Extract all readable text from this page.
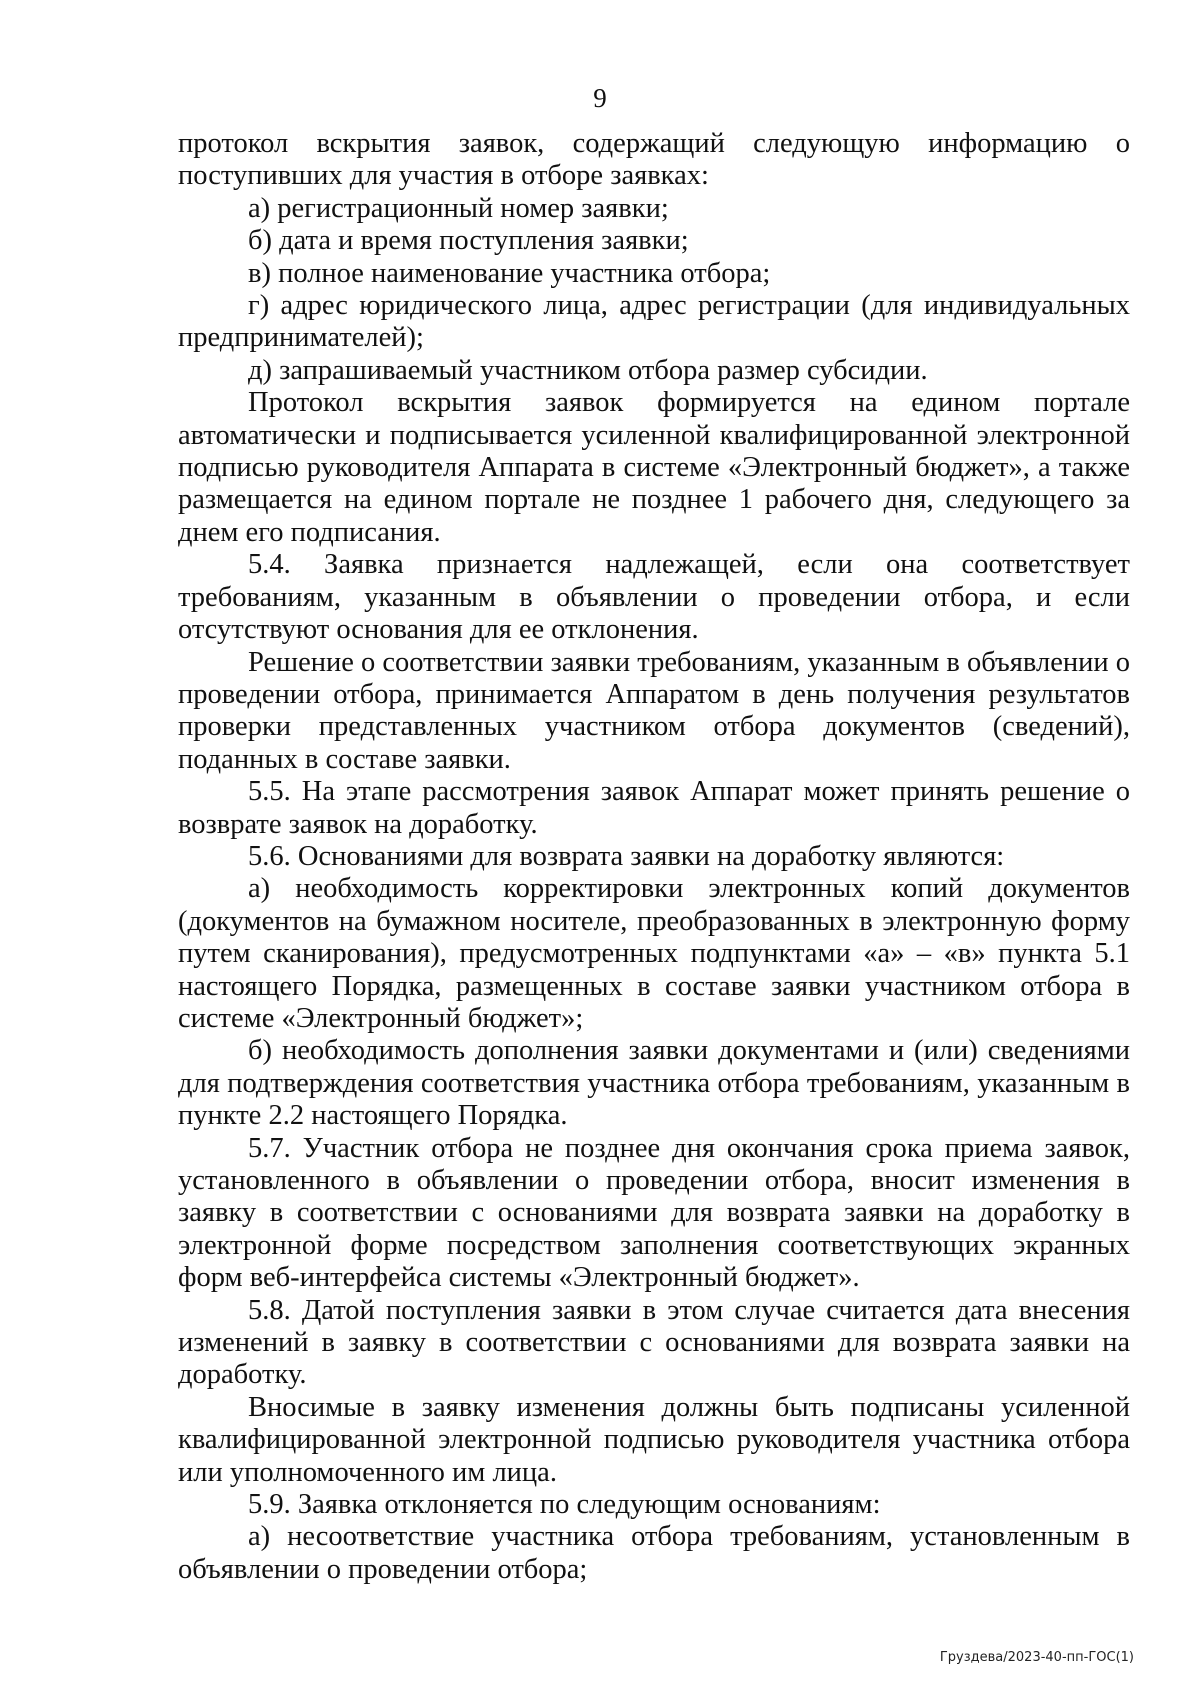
9

протокол вскрытия заявок, содержащий следующую информацию о поступивших для участия в отборе заявках:

а) регистрационный номер заявки;

б) дата и время поступления заявки;

в) полное наименование участника отбора;

г) адрес юридического лица, адрес регистрации (для индивидуальных предпринимателей);

д) запрашиваемый участником отбора размер субсидии.

Протокол вскрытия заявок формируется на едином портале автоматически и подписывается усиленной квалифицированной электронной подписью руководителя Аппарата в системе «Электронный бюджет», а также размещается на едином портале не позднее 1 рабочего дня, следующего за днем его подписания.

5.4. Заявка признается надлежащей, если она соответствует требованиям, указанным в объявлении о проведении отбора, и если отсутствуют основания для ее отклонения.

Решение о соответствии заявки требованиям, указанным в объявлении о проведении отбора, принимается Аппаратом в день получения результатов проверки представленных участником отбора документов (сведений), поданных в составе заявки.

5.5. На этапе рассмотрения заявок Аппарат может принять решение о возврате заявок на доработку.

5.6. Основаниями для возврата заявки на доработку являются:

а) необходимость корректировки электронных копий документов (документов на бумажном носителе, преобразованных в электронную форму путем сканирования), предусмотренных подпунктами «а» – «в» пункта 5.1 настоящего Порядка, размещенных в составе заявки участником отбора в системе «Электронный бюджет»;

б) необходимость дополнения заявки документами и (или) сведениями для подтверждения соответствия участника отбора требованиям, указанным в пункте 2.2 настоящего Порядка.

5.7. Участник отбора не позднее дня окончания срока приема заявок, установленного в объявлении о проведении отбора, вносит изменения в заявку в соответствии с основаниями для возврата заявки на доработку в электронной форме посредством заполнения соответствующих экранных форм веб-интерфейса системы «Электронный бюджет».

5.8. Датой поступления заявки в этом случае считается дата внесения изменений в заявку в соответствии с основаниями для возврата заявки на доработку.

Вносимые в заявку изменения должны быть подписаны усиленной квалифицированной электронной подписью руководителя участника отбора или уполномоченного им лица.

5.9. Заявка отклоняется по следующим основаниям:

а) несоответствие участника отбора требованиям, установленным в объявлении о проведении отбора;

Груздева/2023-40-пп-ГОС(1)
